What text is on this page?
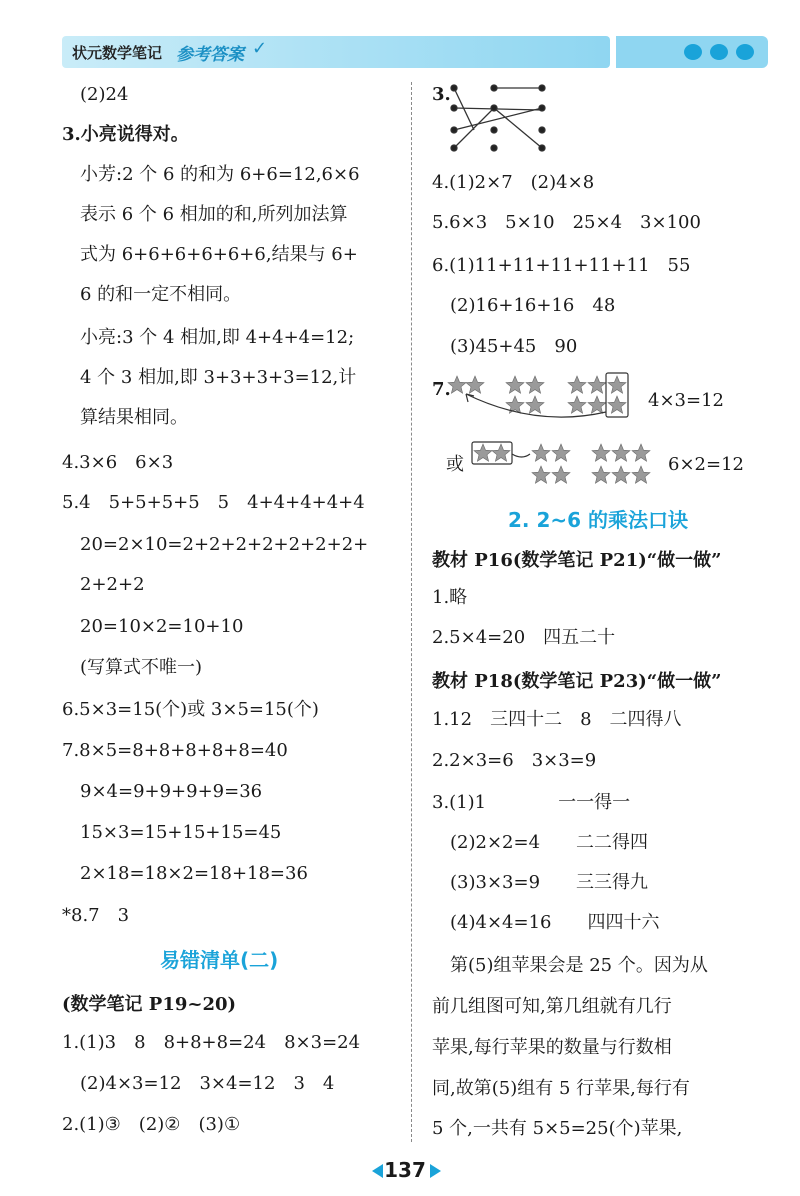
状元数学笔记 参考答案 ✓
(2)24
3.小亮说得对。
小芳:2 个 6 的和为 6+6=12,6×6
表示 6 个 6 相加的和,所列加法算
式为 6+6+6+6+6+6,结果与 6+
6 的和一定不相同。
小亮:3 个 4 相加,即 4+4+4=12;
4 个 3 相加,即 3+3+3+3=12,计
算结果相同。
4.3×6　6×3
5.4　5+5+5+5　5　4+4+4+4+4
20=2×10=2+2+2+2+2+2+2+
2+2+2
20=10×2=10+10
(写算式不唯一)
6.5×3=15(个)或 3×5=15(个)
7.8×5=8+8+8+8+8=40
9×4=9+9+9+9=36
15×3=15+15+15=45
2×18=18×2=18+18=36
*8.7　3
易错清单(二)
(数学笔记 P19~20)
1.(1)3　8　8+8+8=24　8×3=24
(2)4×3=12　3×4=12　3　4
2.(1)③　(2)②　(3)①
3.
4.(1)2×7　(2)4×8
5.6×3　5×10　25×4　3×100
6.(1)11+11+11+11+11　55
(2)16+16+16　48
(3)45+45　90
7.
4×3=12
或	6×2=12
2. 2~6 的乘法口诀
教材 P16(数学笔记 P21)“做一做”
1.略
2.5×4=20　四五二十
教材 P18(数学笔记 P23)“做一做”
1.12　三四十二　8　二四得八
2.2×3=6　3×3=9
3.(1)1　　　　一一得一
(2)2×2=4　　二二得四
(3)3×3=9　　三三得九
(4)4×4=16　　四四十六
第(5)组苹果会是 25 个。因为从
前几组图可知,第几组就有几行
苹果,每行苹果的数量与行数相
同,故第(5)组有 5 行苹果,每行有
5 个,一共有 5×5=25(个)苹果,
137
